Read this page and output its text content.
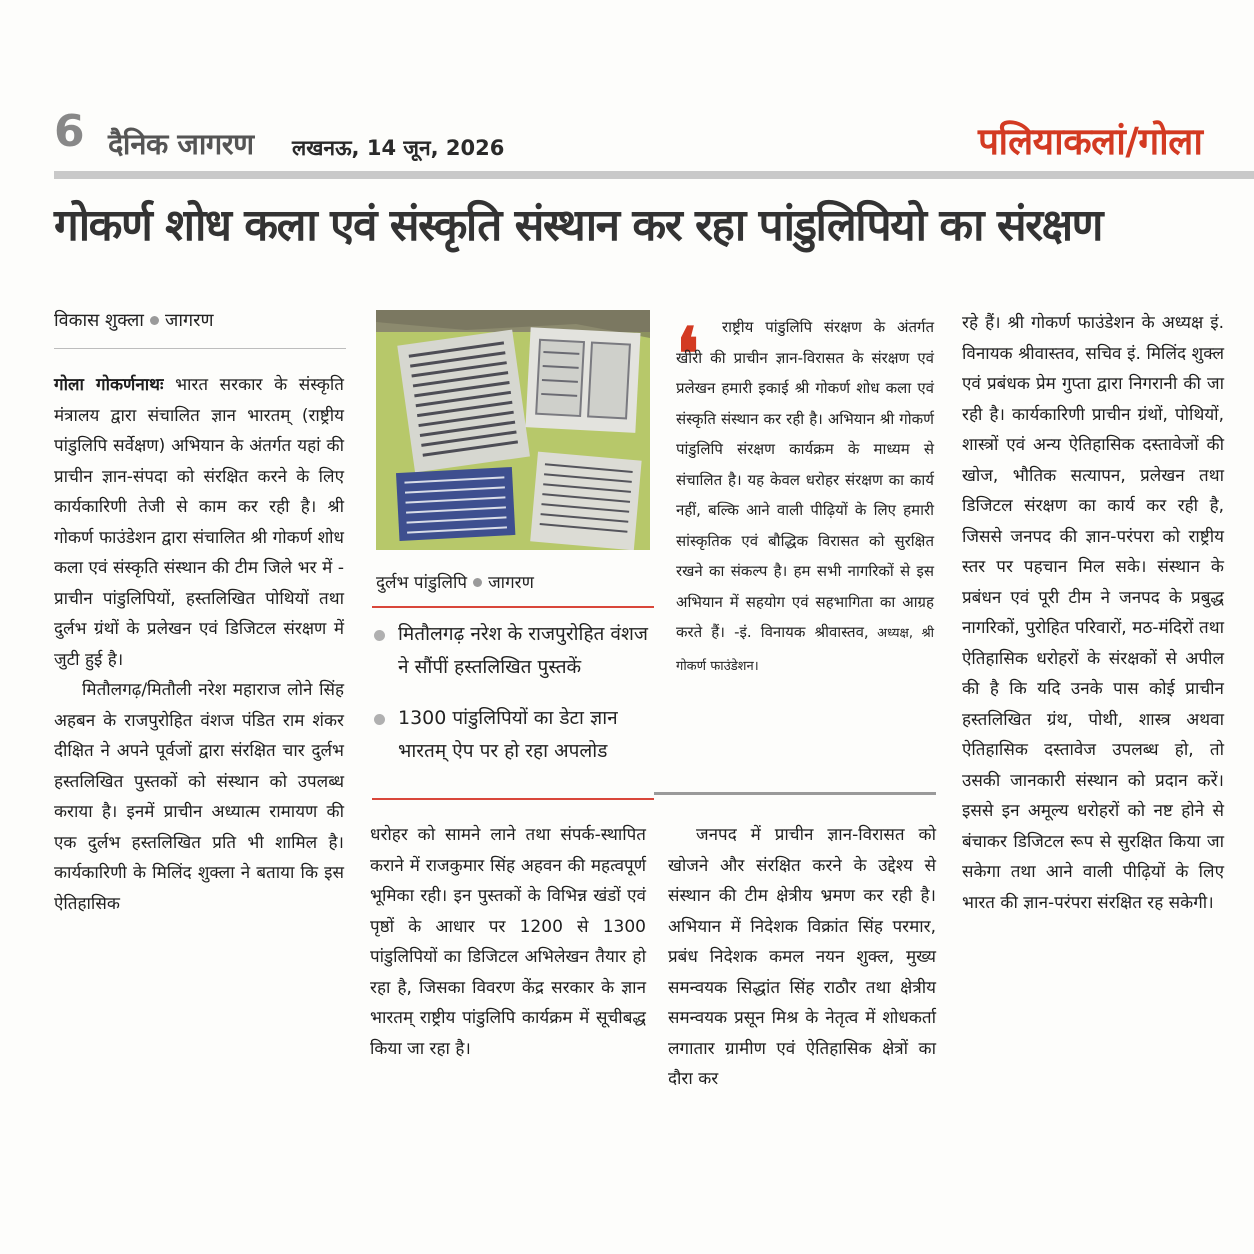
6 दैनिक जागरण लखनऊ, 14 जून, 2026	पलियाकलां/गोला
गोकर्ण शोध कला एवं संस्कृति संस्थान कर रहा पांडुलिपियो का संरक्षण
विकास शुक्ला जागरण

गोला गोकर्णनाथः भारत सरकार के संस्कृति मंत्रालय द्वारा संचालित ज्ञान भारतम् (राष्ट्रीय पांडुलिपि सर्वेक्षण) अभियान के अंतर्गत यहां की प्राचीन ज्ञान-संपदा को संरक्षित करने के लिए कार्यकारिणी तेजी से काम कर रही है। श्री गोकर्ण फाउंडेशन द्वारा संचालित श्री गोकर्ण शोध कला एवं संस्कृति संस्थान की टीम जिले भर में - प्राचीन पांडुलिपियों, हस्तलिखित पोथियों तथा दुर्लभ ग्रंथों के प्रलेखन एवं डिजिटल संरक्षण में जुटी हुई है।

मितौलगढ़/मितौली नरेश महाराज लोने सिंह अहबन के राजपुरोहित वंशज पंडित राम शंकर दीक्षित ने अपने पूर्वजों द्वारा संरक्षित चार दुर्लभ हस्तलिखित पुस्तकों को संस्थान को उपलब्ध कराया है। इनमें प्राचीन अध्यात्म रामायण की एक दुर्लभ हस्तलिखित प्रति भी शामिल है। कार्यकारिणी के मिलिंद शुक्ला ने बताया कि इस ऐतिहासिक

दुर्लभ पांडुलिपि जागरण
मितौलगढ़ नरेश के राजपुरोहित वंशज ने सौंपीं हस्तलिखित पुस्तकें
1300 पांडुलिपियों का डेटा ज्ञान भारतम् ऐप पर हो रहा अपलोड
❛	राष्ट्रीय पांडुलिपि संरक्षण के अंतर्गत खीरी की प्राचीन ज्ञान-विरासत के संरक्षण एवं प्रलेखन हमारी इकाई श्री गोकर्ण शोध कला एवं संस्कृति संस्थान कर रही है। अभियान श्री गोकर्ण पांडुलिपि संरक्षण कार्यक्रम के माध्यम से संचालित है। यह केवल धरोहर संरक्षण का कार्य नहीं, बल्कि आने वाली पीढ़ियों के लिए हमारी सांस्कृतिक एवं बौद्धिक विरासत को सुरक्षित रखने का संकल्प है। हम सभी नागरिकों से इस अभियान में सहयोग एवं सहभागिता का आग्रह करते हैं। -इं. विनायक श्रीवास्तव, अध्यक्ष, श्री गोकर्ण फाउंडेशन।

धरोहर को सामने लाने तथा संपर्क-स्थापित कराने में राजकुमार सिंह अहवन की महत्वपूर्ण भूमिका रही। इन पुस्तकों के विभिन्न खंडों एवं पृष्ठों के आधार पर 1200 से 1300 पांडुलिपियों का डिजिटल अभिलेखन तैयार हो रहा है, जिसका विवरण केंद्र सरकार के ज्ञान भारतम् राष्ट्रीय पांडुलिपि कार्यक्रम में सूचीबद्ध किया जा रहा है।

जनपद में प्राचीन ज्ञान-विरासत को खोजने और संरक्षित करने के उद्देश्य से संस्थान की टीम क्षेत्रीय भ्रमण कर रही है। अभियान में निदेशक विक्रांत सिंह परमार, प्रबंध निदेशक कमल नयन शुक्ल, मुख्य समन्वयक सिद्धांत सिंह राठौर तथा क्षेत्रीय समन्वयक प्रसून मिश्र के नेतृत्व में शोधकर्ता लगातार ग्रामीण एवं ऐतिहासिक क्षेत्रों का दौरा कर

रहे हैं। श्री गोकर्ण फाउंडेशन के अध्यक्ष इं. विनायक श्रीवास्तव, सचिव इं. मिलिंद शुक्ल एवं प्रबंधक प्रेम गुप्ता द्वारा निगरानी की जा रही है। कार्यकारिणी प्राचीन ग्रंथों, पोथियों, शास्त्रों एवं अन्य ऐतिहासिक दस्तावेजों की खोज, भौतिक सत्यापन, प्रलेखन तथा डिजिटल संरक्षण का कार्य कर रही है, जिससे जनपद की ज्ञान-परंपरा को राष्ट्रीय स्तर पर पहचान मिल सके। संस्थान के प्रबंधन एवं पूरी टीम ने जनपद के प्रबुद्ध नागरिकों, पुरोहित परिवारों, मठ-मंदिरों तथा ऐतिहासिक धरोहरों के संरक्षकों से अपील की है कि यदि उनके पास कोई प्राचीन हस्तलिखित ग्रंथ, पोथी, शास्त्र अथवा ऐतिहासिक दस्तावेज उपलब्ध हो, तो उसकी जानकारी संस्थान को प्रदान करें। इससे इन अमूल्य धरोहरों को नष्ट होने से बंचाकर डिजिटल रूप से सुरक्षित किया जा सकेगा तथा आने वाली पीढ़ियों के लिए भारत की ज्ञान-परंपरा संरक्षित रह सकेगी।
